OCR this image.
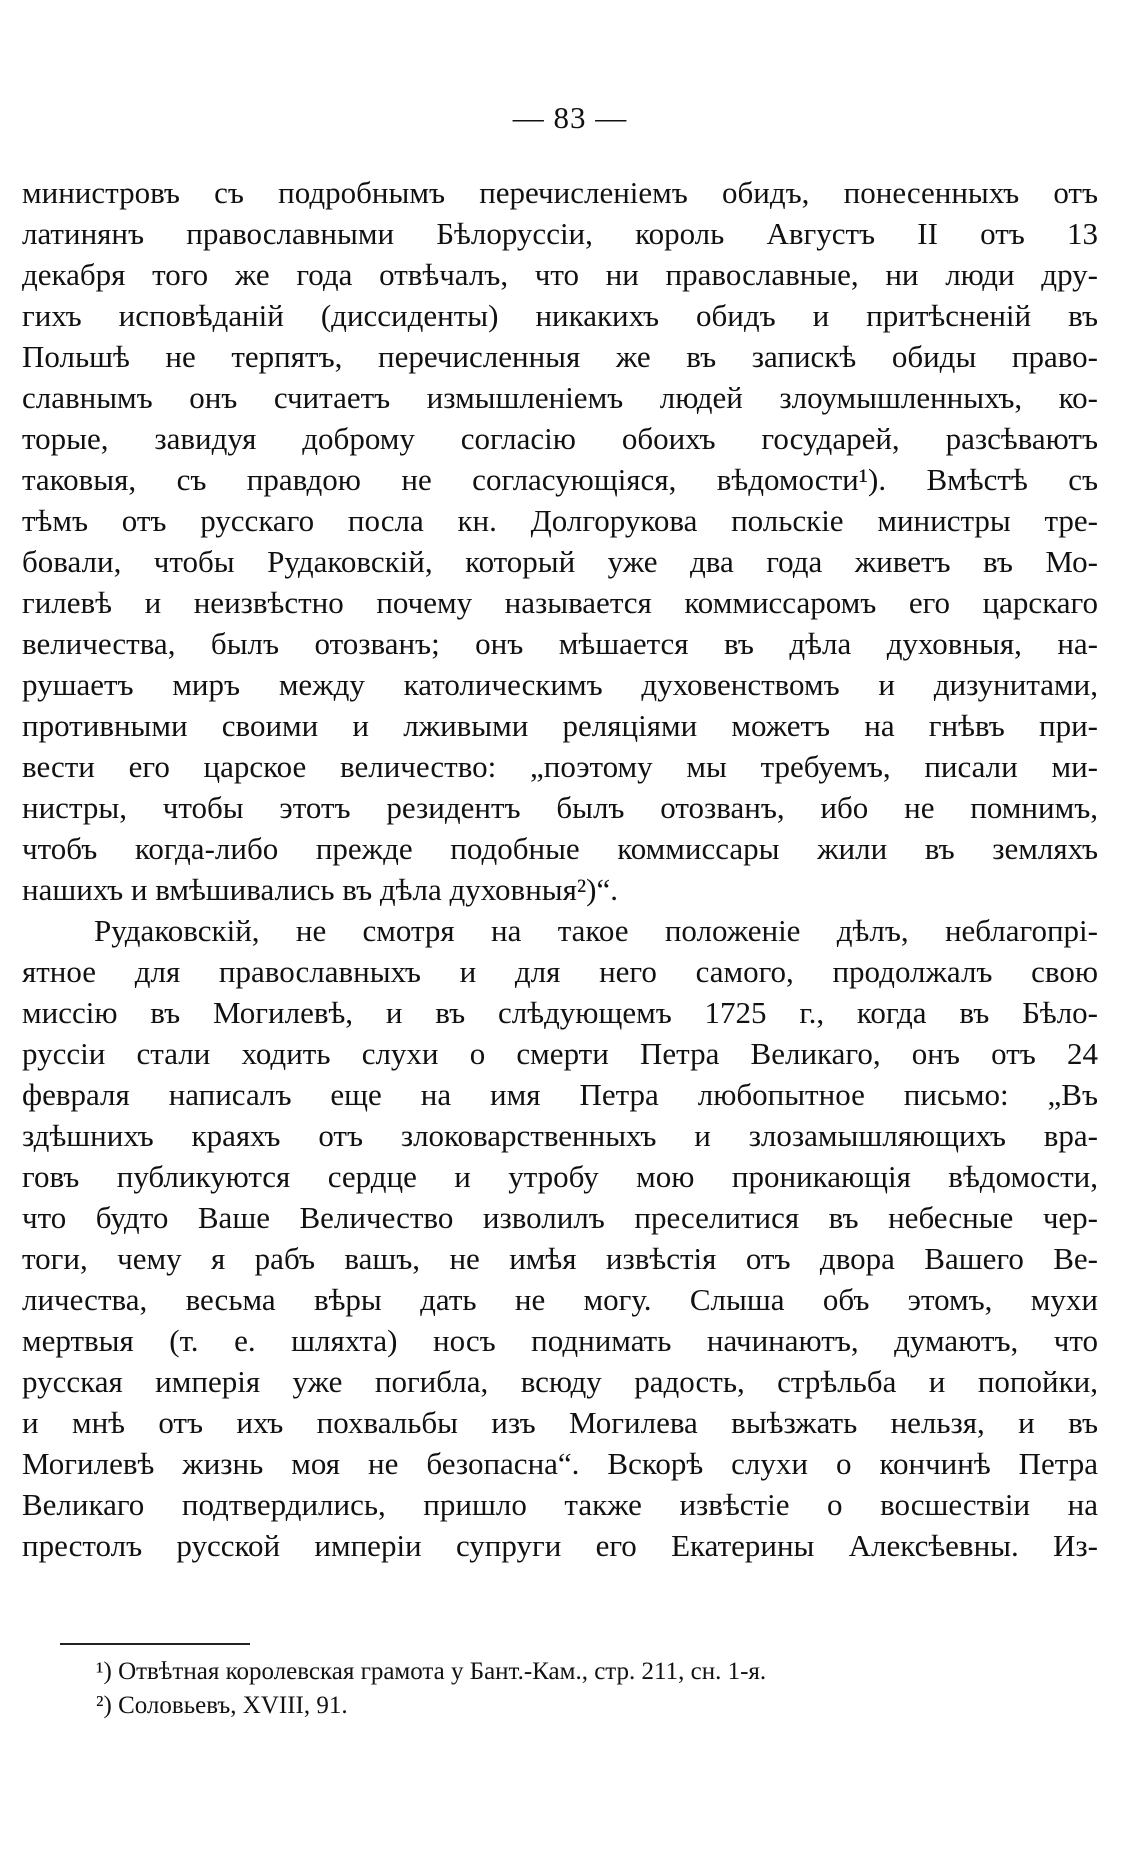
— 83 —
министровъ съ подробнымъ перечисленіемъ обидъ, понесенныхъ отъ
латинянъ православными Бѣлоруссіи, король Августъ II отъ 13
декабря того же года отвѣчалъ, что ни православные, ни люди дру-
гихъ исповѣданій (диссиденты) никакихъ обидъ и притѣсненій въ
Польшѣ не терпятъ, перечисленныя же въ запискѣ обиды право-
славнымъ онъ считаетъ измышленіемъ людей злоумышленныхъ, ко-
торые, завидуя доброму согласію обоихъ государей, разсѣваютъ
таковыя, съ правдою не согласующіяся, вѣдомости¹). Вмѣстѣ съ
тѣмъ отъ русскаго посла кн. Долгорукова польскіе министры тре-
бовали, чтобы Рудаковскій, который уже два года живетъ въ Мо-
гилевѣ и неизвѣстно почему называется коммиссаромъ его царскаго
величества, былъ отозванъ; онъ мѣшается въ дѣла духовныя, на-
рушаетъ миръ между католическимъ духовенствомъ и дизунитами,
противными своими и лживыми реляціями можетъ на гнѣвъ при-
вести его царское величество: „поэтому мы требуемъ, писали ми-
нистры, чтобы этотъ резидентъ былъ отозванъ, ибо не помнимъ,
чтобъ когда-либо прежде подобные коммиссары жили въ земляхъ
нашихъ и вмѣшивались въ дѣла духовныя²)“.
Рудаковскій, не смотря на такое положеніе дѣлъ, неблагопрі-
ятное для православныхъ и для него самого, продолжалъ свою
миссію въ Могилевѣ, и въ слѣдующемъ 1725 г., когда въ Бѣло-
руссіи стали ходить слухи о смерти Петра Великаго, онъ отъ 24
февраля написалъ еще на имя Петра любопытное письмо: „Въ
здѣшнихъ краяхъ отъ злоковарственныхъ и злозамышляющихъ вра-
говъ публикуются сердце и утробу мою проникающія вѣдомости,
что будто Ваше Величество изволилъ преселитися въ небесные чер-
тоги, чему я рабъ вашъ, не имѣя извѣстія отъ двора Вашего Ве-
личества, весьма вѣры дать не могу. Слыша объ этомъ, мухи
мертвыя (т. е. шляхта) носъ поднимать начинаютъ, думаютъ, что
русская имперія уже погибла, всюду радость, стрѣльба и попойки,
и мнѣ отъ ихъ похвальбы изъ Могилева выѣзжать нельзя, и въ
Могилевѣ жизнь моя не безопасна“. Вскорѣ слухи о кончинѣ Петра
Великаго подтвердились, пришло также извѣстіе о восшествіи на
престолъ русской имперіи супруги его Екатерины Алексѣевны. Из-
¹) Отвѣтная королевская грамота у Бант.-Кам., стр. 211, сн. 1-я.
²) Соловьевъ, XVIII, 91.
